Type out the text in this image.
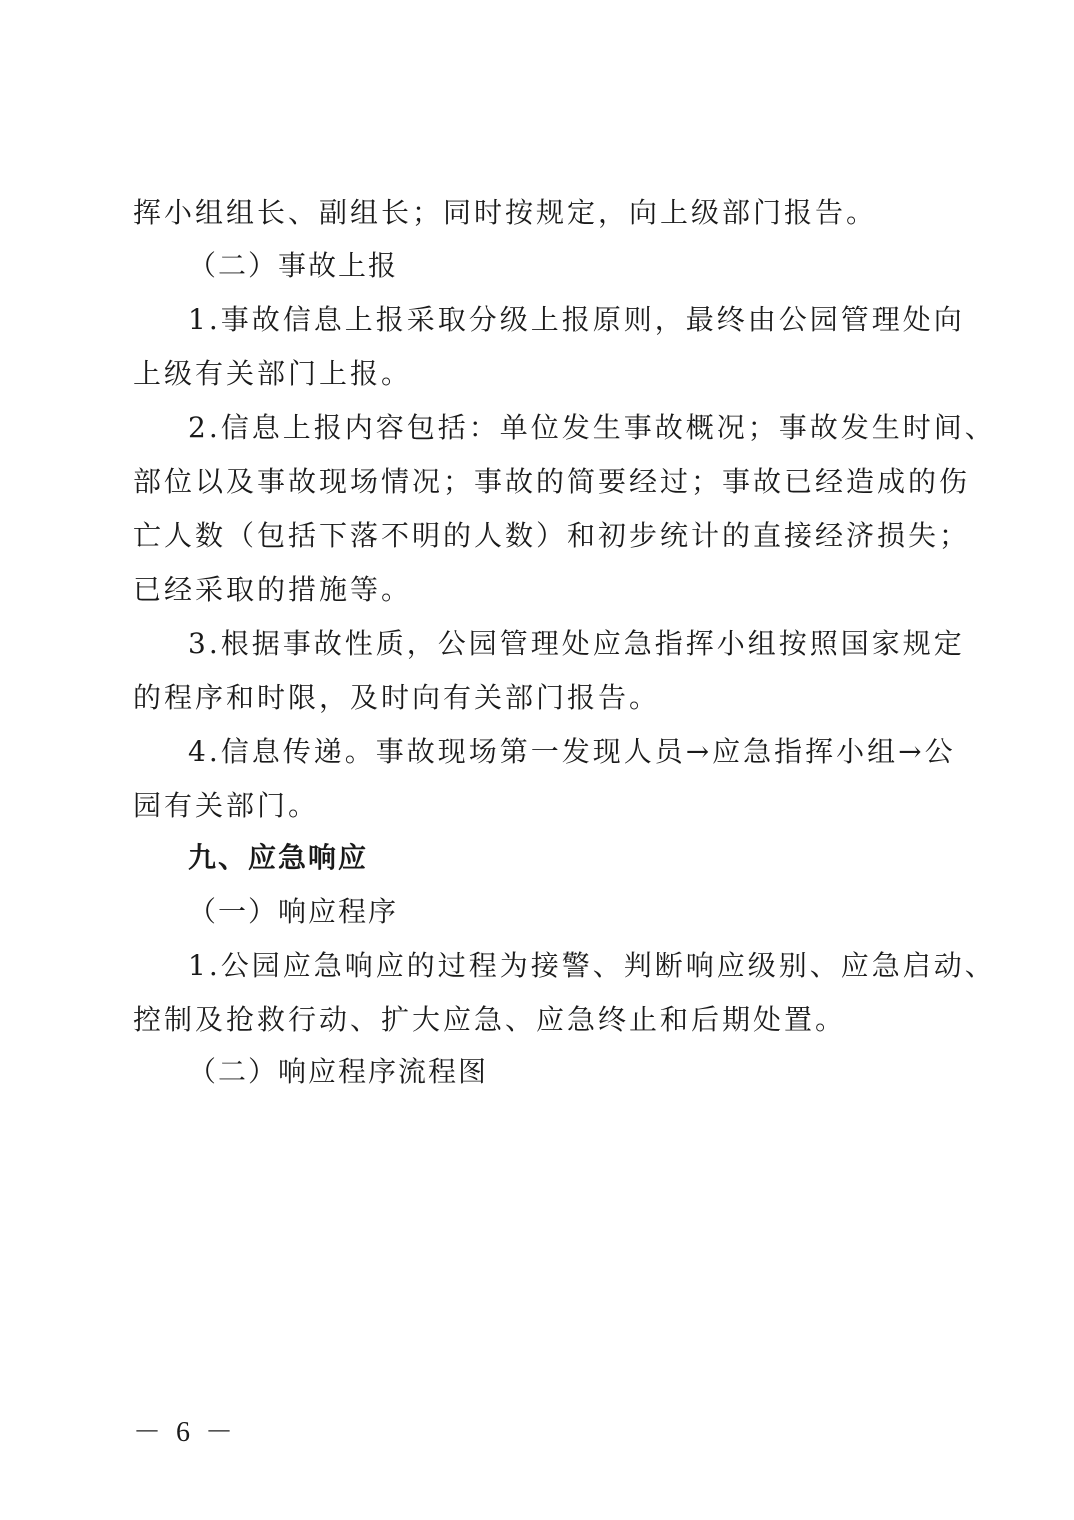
挥小组组长、副组长；同时按规定，向上级部门报告。
（二）事故上报
1.事故信息上报采取分级上报原则，最终由公园管理处向
上级有关部门上报。
2.信息上报内容包括：单位发生事故概况；事故发生时间、
部位以及事故现场情况；事故的简要经过；事故已经造成的伤
亡人数（包括下落不明的人数）和初步统计的直接经济损失；
已经采取的措施等。
3.根据事故性质，公园管理处应急指挥小组按照国家规定
的程序和时限，及时向有关部门报告。
4.信息传递。事故现场第一发现人员→应急指挥小组→公
园有关部门。
九、应急响应
（一）响应程序
1.公园应急响应的过程为接警、判断响应级别、应急启动、
控制及抢救行动、扩大应急、应急终止和后期处置。
（二）响应程序流程图
－ 6 －
